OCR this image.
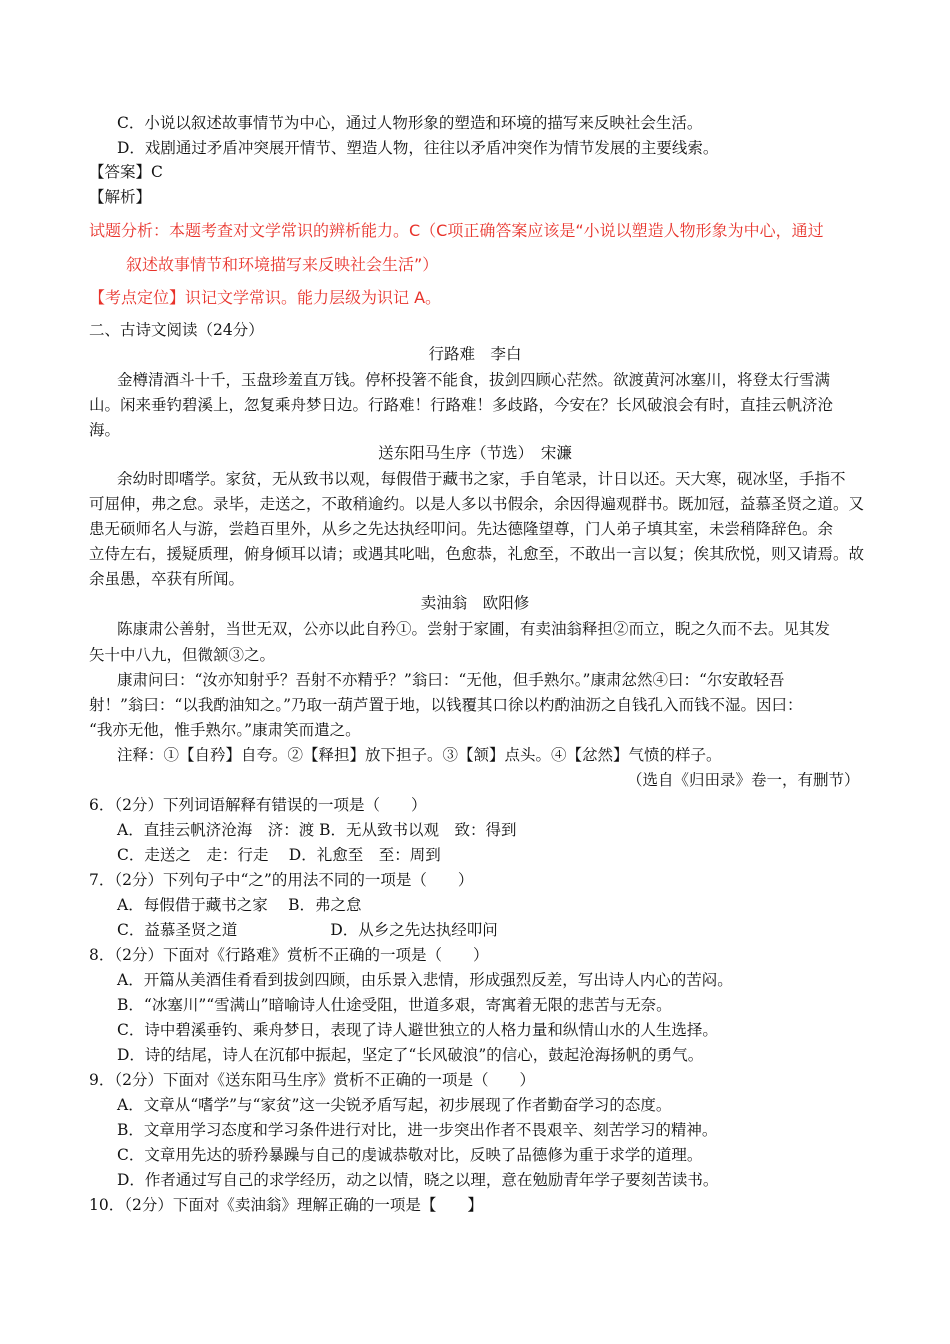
C．小说以叙述故事情节为中心，通过人物形象的塑造和环境的描写来反映社会生活。
D．戏剧通过矛盾冲突展开情节、塑造人物，往往以矛盾冲突作为情节发展的主要线索。
【答案】C
【解析】
试题分析：本题考查对文学常识的辨析能力。C（C项正确答案应该是“小说以塑造人物形象为中心，通过
叙述故事情节和环境描写来反映社会生活”）
【考点定位】识记文学常识。能力层级为识记 A。
二、古诗文阅读（24分）
行路难　李白
金樽清酒斗十千，玉盘珍羞直万钱。停杯投箸不能食，拔剑四顾心茫然。欲渡黄河冰塞川，将登太行雪满
山。闲来垂钓碧溪上，忽复乘舟梦日边。行路难！行路难！多歧路，今安在？长风破浪会有时，直挂云帆济沧
海。
送东阳马生序（节选）　宋濂
余幼时即嗜学。家贫，无从致书以观，每假借于藏书之家，手自笔录，计日以还。天大寒，砚冰坚，手指不
可屈伸，弗之怠。录毕，走送之，不敢稍逾约。以是人多以书假余，余因得遍观群书。既加冠，益慕圣贤之道。又
患无硕师名人与游，尝趋百里外，从乡之先达执经叩问。先达德隆望尊，门人弟子填其室，未尝稍降辞色。余
立侍左右，援疑质理，俯身倾耳以请；或遇其叱咄，色愈恭，礼愈至，不敢出一言以复；俟其欣悦，则又请焉。故
余虽愚，卒获有所闻。
卖油翁　欧阳修
陈康肃公善射，当世无双，公亦以此自矜①。尝射于家圃，有卖油翁释担②而立，睨之久而不去。见其发
矢十中八九，但微颔③之。
康肃问曰：“汝亦知射乎？吾射不亦精乎？”翁曰：“无他，但手熟尔。”康肃忿然④曰：“尔安敢轻吾
射！”翁曰：“以我酌油知之。”乃取一葫芦置于地，以钱覆其口徐以杓酌油沥之自钱孔入而钱不湿。因曰：
“我亦无他，惟手熟尔。”康肃笑而遣之。
注释：①【自矜】自夸。②【释担】放下担子。③【颔】点头。④【忿然】气愤的样子。
（选自《归田录》卷一，有删节）
6．（2分）下列词语解释有错误的一项是（　　）
A．直挂云帆济沧海　济：渡 B．无从致书以观　致：得到
C．走送之　走：行走　 D．礼愈至　至：周到
7．（2分）下列句子中“之”的用法不同的一项是（　　）
A．每假借于藏书之家　 B．弗之怠
C．益慕圣贤之道　　　　　　D．从乡之先达执经叩问
8．（2分）下面对《行路难》赏析不正确的一项是（　　）
A．开篇从美酒佳肴看到拔剑四顾，由乐景入悲情，形成强烈反差，写出诗人内心的苦闷。
B．“冰塞川”“雪满山”暗喻诗人仕途受阻，世道多艰，寄寓着无限的悲苦与无奈。
C．诗中碧溪垂钓、乘舟梦日，表现了诗人避世独立的人格力量和纵情山水的人生选择。
D．诗的结尾，诗人在沉郁中振起，坚定了“长风破浪”的信心，鼓起沧海扬帆的勇气。
9．（2分）下面对《送东阳马生序》赏析不正确的一项是（　　）
A．文章从“嗜学”与“家贫”这一尖锐矛盾写起，初步展现了作者勤奋学习的态度。
B．文章用学习态度和学习条件进行对比，进一步突出作者不畏艰辛、刻苦学习的精神。
C．文章用先达的骄矜暴躁与自己的虔诚恭敬对比，反映了品德修为重于求学的道理。
D．作者通过写自己的求学经历，动之以情，晓之以理，意在勉励青年学子要刻苦读书。
10．（2分）下面对《卖油翁》理解正确的一项是【　　】
